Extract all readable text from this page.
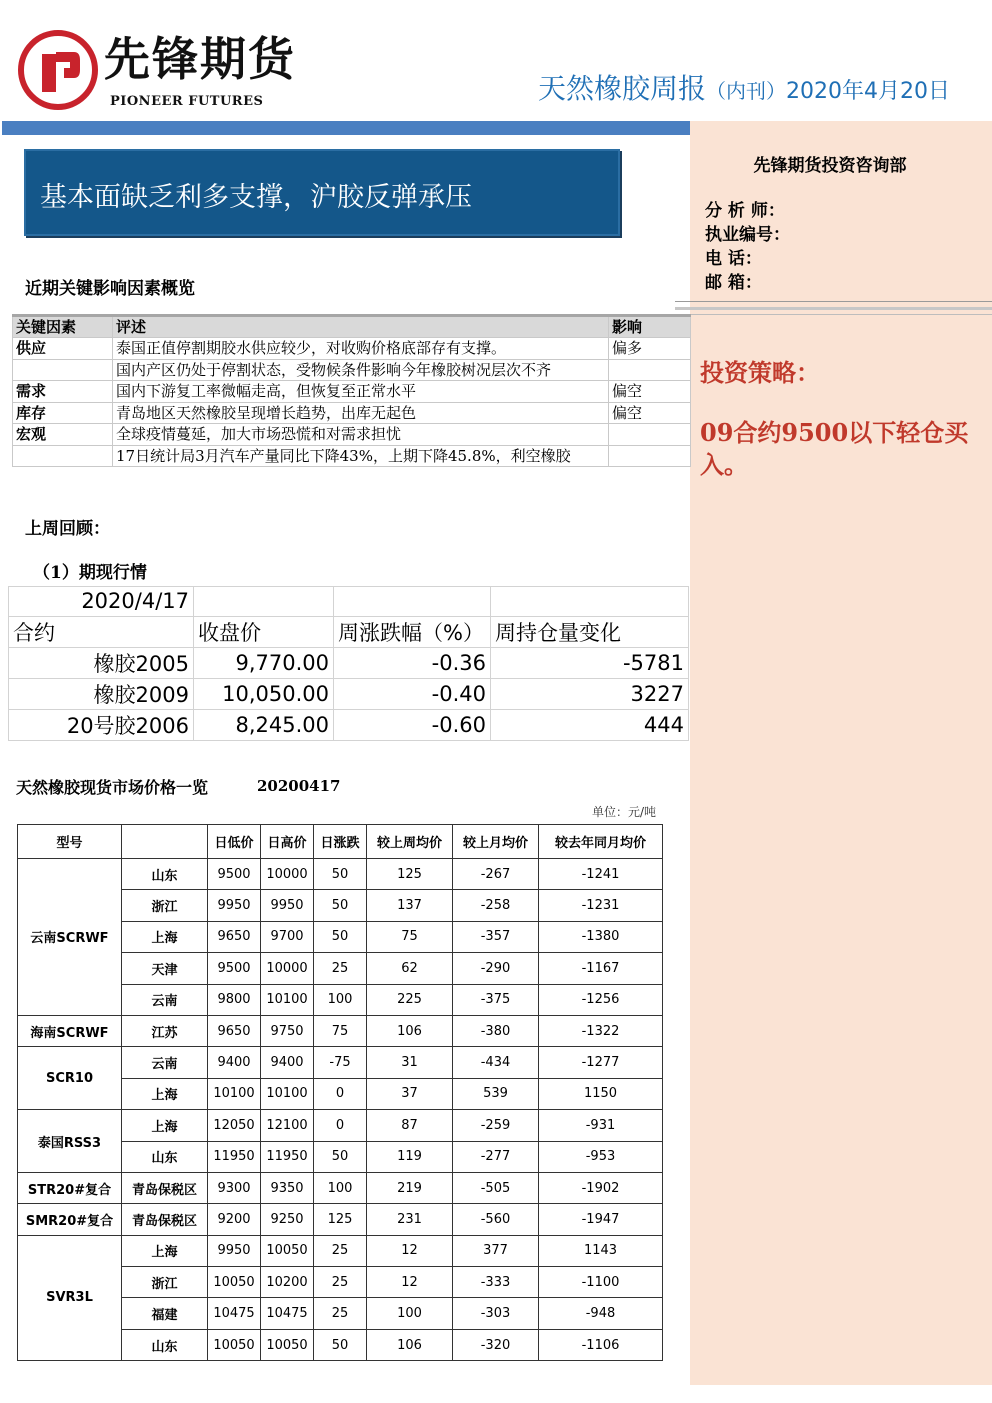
先锋期货
PIONEER FUTURES	天然橡胶周报（内刊）2020年4月20日
先锋期货投资咨询部
分 析 师：
执业编号：
电 话：
邮 箱：
投资策略：
09合约9500以下轻仓买入。
基本面缺乏利多支撑，沪胶反弹承压
近期关键影响因素概览
关键因素	评述	影响
供应	泰国正值停割期胶水供应较少，对收购价格底部存有支撑。	偏多
	国内产区仍处于停割状态，受物候条件影响今年橡胶树况层次不齐	
需求	国内下游复工率微幅走高，但恢复至正常水平	偏空
库存	青岛地区天然橡胶呈现增长趋势，出库无起色	偏空
宏观	全球疫情蔓延，加大市场恐慌和对需求担忧	
	17日统计局3月汽车产量同比下降43%，上期下降45.8%，利空橡胶	
上周回顾：
（1）期现行情
2020/4/17			
合约	收盘价	周涨跌幅（%）	周持仓量变化
橡胶2005	9,770.00	-0.36	-5781
橡胶2009	10,050.00	-0.40	3227
20号胶2006	8,245.00	-0.60	444
天然橡胶现货市场价格一览	20200417
单位：元/吨
型号		日低价	日高价	日涨跌	较上周均价	较上月均价	较去年同月均价
云南SCRWF	山东	9500	10000	50	125	-267	-1241
	浙江	9950	9950	50	137	-258	-1231
	上海	9650	9700	50	75	-357	-1380
	天津	9500	10000	25	62	-290	-1167
	云南	9800	10100	100	225	-375	-1256
海南SCRWF	江苏	9650	9750	75	106	-380	-1322
SCR10	云南	9400	9400	-75	31	-434	-1277
	上海	10100	10100	0	37	539	1150
泰国RSS3	上海	12050	12100	0	87	-259	-931
	山东	11950	11950	50	119	-277	-953
STR20#复合	青岛保税区	9300	9350	100	219	-505	-1902
SMR20#复合	青岛保税区	9200	9250	125	231	-560	-1947
SVR3L	上海	9950	10050	25	12	377	1143
	浙江	10050	10200	25	12	-333	-1100
	福建	10475	10475	25	100	-303	-948
	山东	10050	10050	50	106	-320	-1106
